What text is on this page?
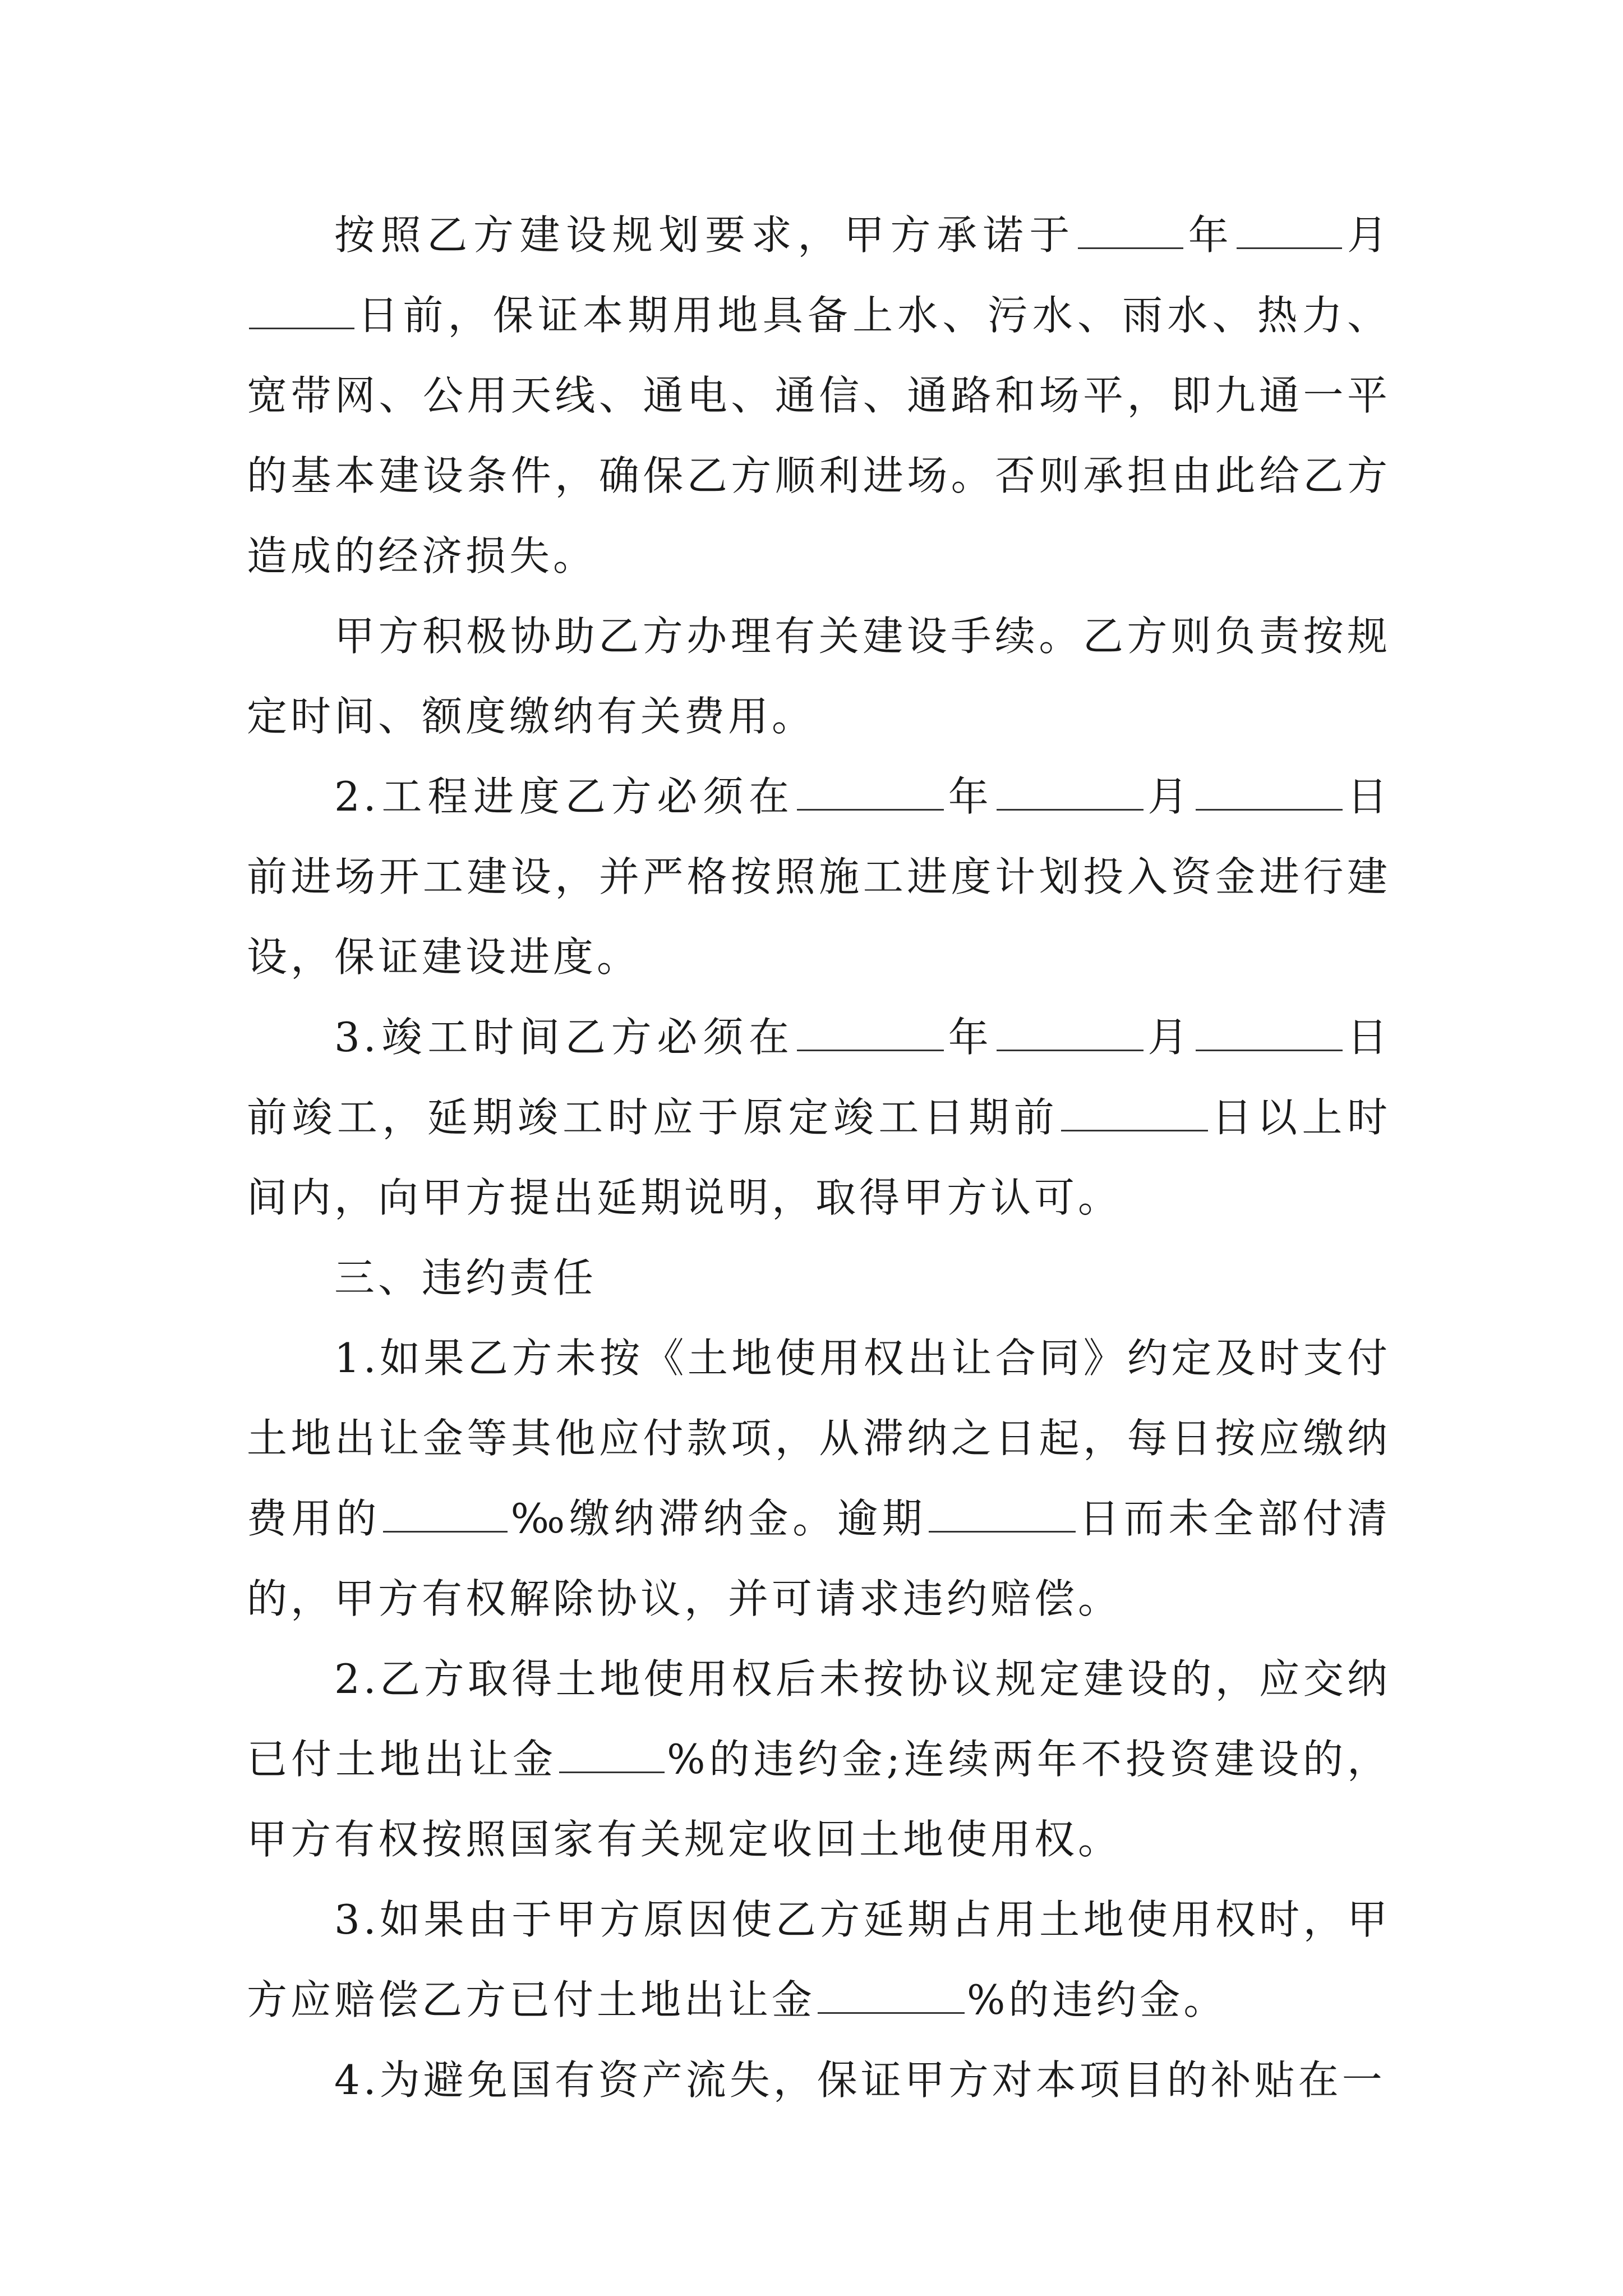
按照乙方建设规划要求，甲方承诺于	年	月日前，保证本期用地具备上水、污水、雨水、热力、宽带网、公用天线、通电、通信、通路和场平，即九通一平的基本建设条件，确保乙方顺利进场。否则承担由此给乙方造成的经济损失。

甲方积极协助乙方办理有关建设手续。乙方则负责按规定时间、额度缴纳有关费用。

2.工程进度乙方必须在	年	月	日前进场开工建设，并严格按照施工进度计划投入资金进行建设，保证建设进度。

3.竣工时间乙方必须在	年	月	日前竣工，延期竣工时应于原定竣工日期前	日以上时间内，向甲方提出延期说明，取得甲方认可。

三、违约责任

1.如果乙方未按《土地使用权出让合同》约定及时支付土地出让金等其他应付款项，从滞纳之日起，每日按应缴纳费用的	‰缴纳滞纳金。逾期	日而未全部付清的，甲方有权解除协议，并可请求违约赔偿。

2.乙方取得土地使用权后未按协议规定建设的，应交纳已付土地出让金	%的违约金;连续两年不投资建设的，甲方有权按照国家有关规定收回土地使用权。

3.如果由于甲方原因使乙方延期占用土地使用权时，甲方应赔偿乙方已付土地出让金	%的违约金。

4.为避免国有资产流失，保证甲方对本项目的补贴在一
